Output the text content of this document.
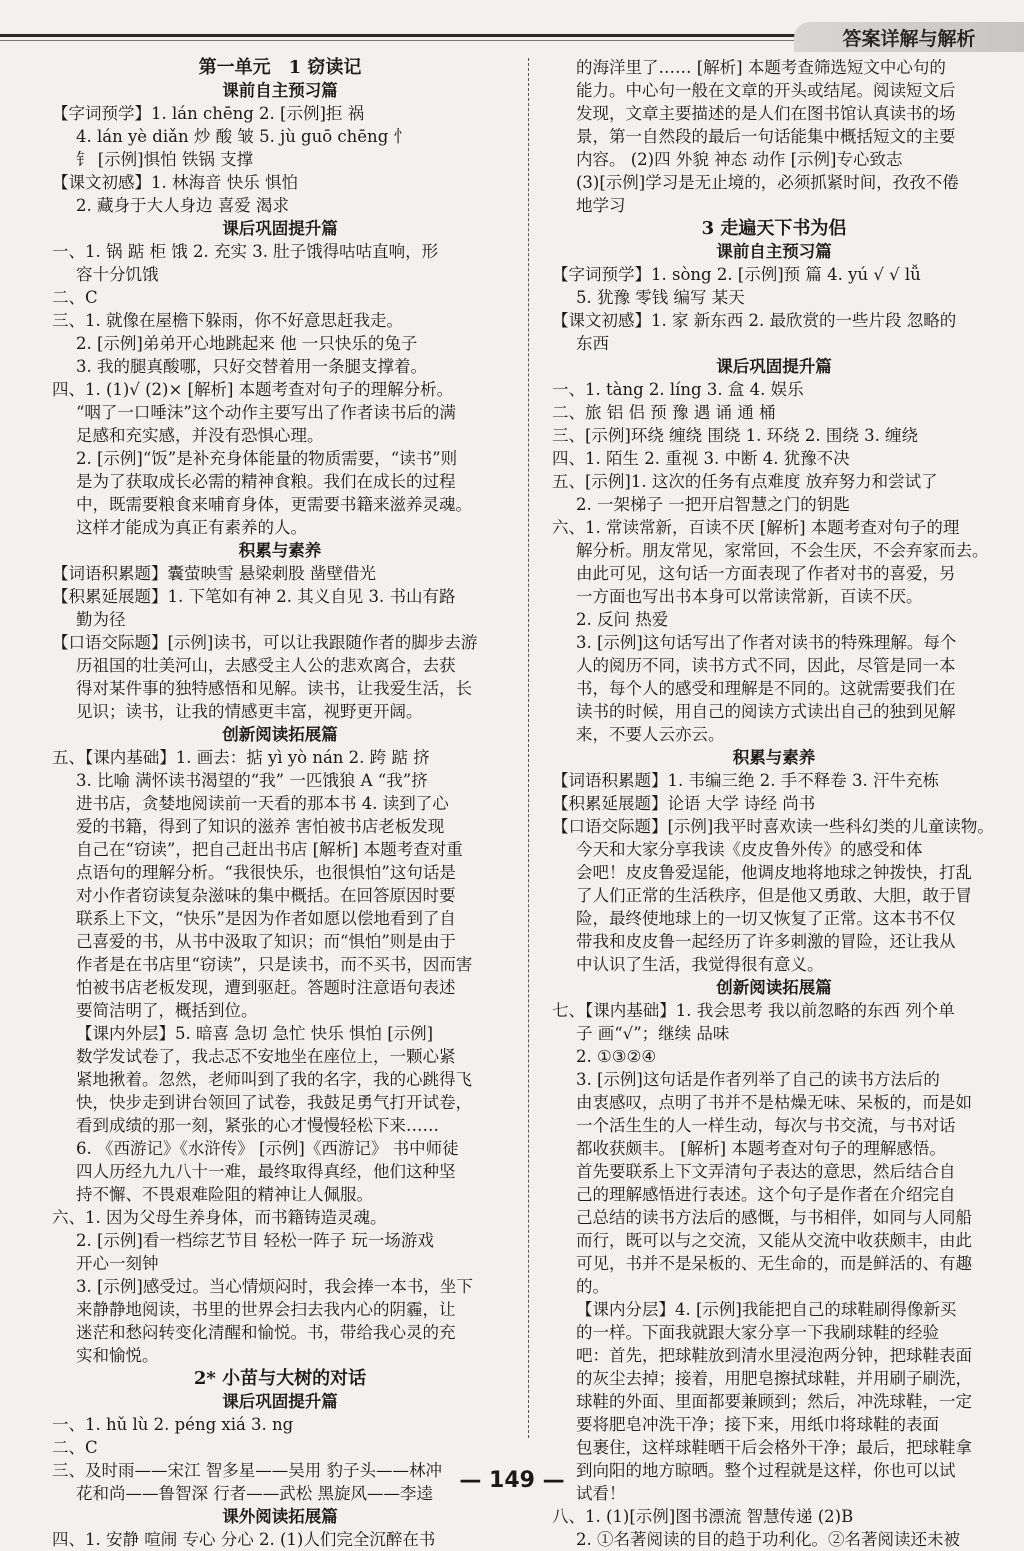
答案详解与解析
第一单元　1 窃读记
课前自主预习篇
【字词预学】1. lán chēng 2. [示例]拒 祸
4. lán yè diǎn 炒 酸 皱 5. jù guō chēng 忄
钅 [示例]惧怕 铁锅 支撑
【课文初感】1. 林海音 快乐 惧怕
2. 藏身于大人身边 喜爱 渴求
课后巩固提升篇
一、1. 锅 踮 柜 饿 2. 充实 3. 肚子饿得咕咕直响，形
容十分饥饿
二、C
三、1. 就像在屋檐下躲雨，你不好意思赶我走。
2. [示例]弟弟开心地跳起来 他 一只快乐的兔子
3. 我的腿真酸哪，只好交替着用一条腿支撑着。
四、1. (1)√ (2)× [解析] 本题考查对句子的理解分析。
“咽了一口唾沫”这个动作主要写出了作者读书后的满
足感和充实感，并没有恐惧心理。
2. [示例]“饭”是补充身体能量的物质需要，“读书”则
是为了获取成长必需的精神食粮。我们在成长的过程
中，既需要粮食来哺育身体，更需要书籍来滋养灵魂。
这样才能成为真正有素养的人。
积累与素养
【词语积累题】囊萤映雪 悬梁刺股 凿壁借光
【积累延展题】1. 下笔如有神 2. 其义自见 3. 书山有路
勤为径
【口语交际题】[示例]读书，可以让我跟随作者的脚步去游
历祖国的壮美河山，去感受主人公的悲欢离合，去获
得对某件事的独特感悟和见解。读书，让我爱生活，长
见识；读书，让我的情感更丰富，视野更开阔。
创新阅读拓展篇
五、【课内基础】1. 画去：掂 yì yò nán 2. 跨 踮 挤
3. 比喻 满怀读书渴望的“我” 一匹饿狼 A “我”挤
进书店，贪婪地阅读前一天看的那本书 4. 读到了心
爱的书籍，得到了知识的滋养 害怕被书店老板发现
自己在“窃读”，把自己赶出书店 [解析] 本题考查对重
点语句的理解分析。“我很快乐，也很惧怕”这句话是
对小作者窃读复杂滋味的集中概括。在回答原因时要
联系上下文，“快乐”是因为作者如愿以偿地看到了自
己喜爱的书，从书中汲取了知识；而“惧怕”则是由于
作者是在书店里“窃读”，只是读书，而不买书，因而害
怕被书店老板发现，遭到驱赶。答题时注意语句表述
要简洁明了，概括到位。
【课内外层】5. 暗喜 急切 急忙 快乐 惧怕 [示例]
数学发试卷了，我忐忑不安地坐在座位上，一颗心紧
紧地揪着。忽然，老师叫到了我的名字，我的心跳得飞
快，快步走到讲台领回了试卷，我鼓足勇气打开试卷，
看到成绩的那一刻，紧张的心才慢慢轻松下来……
6. 《西游记》《水浒传》 [示例]《西游记》 书中师徒
四人历经九九八十一难，最终取得真经，他们这种坚
持不懈、不畏艰难险阻的精神让人佩服。
六、1. 因为父母生养身体，而书籍铸造灵魂。
2. [示例]看一档综艺节目 轻松一阵子 玩一场游戏
开心一刻钟
3. [示例]感受过。当心情烦闷时，我会捧一本书，坐下
来静静地阅读，书里的世界会扫去我内心的阴霾，让
迷茫和愁闷转变化清醒和愉悦。书，带给我心灵的充
实和愉悦。
2* 小苗与大树的对话
课后巩固提升篇
一、1. hǔ lù 2. péng xiá 3. ng
二、C
三、及时雨——宋江 智多星——吴用 豹子头——林冲
花和尚——鲁智深 行者——武松 黑旋风——李逵
课外阅读拓展篇
四、1. 安静 喧闹 专心 分心 2. (1)人们完全沉醉在书
的海洋里了…… [解析] 本题考查筛选短文中心句的
能力。中心句一般在文章的开头或结尾。阅读短文后
发现，文章主要描述的是人们在图书馆认真读书的场
景，第一自然段的最后一句话能集中概括短文的主要
内容。 (2)四 外貌 神态 动作 [示例]专心致志
(3)[示例]学习是无止境的，必须抓紧时间，孜孜不倦
地学习
3 走遍天下书为侣
课前自主预习篇
【字词预学】1. sòng 2. [示例]预 篇 4. yú √ √ lǚ
5. 犹豫 零钱 编写 某天
【课文初感】1. 家 新东西 2. 最欣赏的一些片段 忽略的
东西
课后巩固提升篇
一、1. tàng 2. líng 3. 盒 4. 娱乐
二、旅 铝 侣 预 豫 遇 诵 通 桶
三、[示例]环绕 缠绕 围绕 1. 环绕 2. 围绕 3. 缠绕
四、1. 陌生 2. 重视 3. 中断 4. 犹豫不决
五、[示例]1. 这次的任务有点难度 放弃努力和尝试了
2. 一架梯子 一把开启智慧之门的钥匙
六、1. 常读常新，百读不厌 [解析] 本题考查对句子的理
解分析。朋友常见，家常回，不会生厌，不会弃家而去。
由此可见，这句话一方面表现了作者对书的喜爱，另
一方面也写出书本身可以常读常新，百读不厌。
2. 反问 热爱
3. [示例]这句话写出了作者对读书的特殊理解。每个
人的阅历不同，读书方式不同，因此，尽管是同一本
书，每个人的感受和理解是不同的。这就需要我们在
读书的时候，用自己的阅读方式读出自己的独到见解
来，不要人云亦云。
积累与素养
【词语积累题】1. 韦编三绝 2. 手不释卷 3. 汗牛充栋
【积累延展题】论语 大学 诗经 尚书
【口语交际题】[示例]我平时喜欢读一些科幻类的儿童读物。
今天和大家分享我读《皮皮鲁外传》的感受和体
会吧！皮皮鲁爱逞能，他调皮地将地球之钟拨快，打乱
了人们正常的生活秩序，但是他又勇敢、大胆，敢于冒
险，最终使地球上的一切又恢复了正常。这本书不仅
带我和皮皮鲁一起经历了许多刺激的冒险，还让我从
中认识了生活，我觉得很有意义。
创新阅读拓展篇
七、【课内基础】1. 我会思考 我以前忽略的东西 列个单
子 画“√”；继续 品味
2. ①③②④
3. [示例]这句话是作者列举了自己的读书方法后的
由衷感叹，点明了书并不是枯燥无味、呆板的，而是如
一个活生生的人一样生动，每次与书交流，与书对话
都收获颇丰。 [解析] 本题考查对句子的理解感悟。
首先要联系上下文弄清句子表达的意思，然后结合自
己的理解感悟进行表述。这个句子是作者在介绍完自
己总结的读书方法后的感慨，与书相伴，如同与人同船
而行，既可以与之交流，又能从交流中收获颇丰，由此
可见，书并不是呆板的、无生命的，而是鲜活的、有趣
的。
【课内分层】4. [示例]我能把自己的球鞋刷得像新买
的一样。下面我就跟大家分享一下我刷球鞋的经验
吧：首先，把球鞋放到清水里浸泡两分钟，把球鞋表面
的灰尘去掉；接着，用肥皂擦拭球鞋，并用刷子刷洗，
球鞋的外面、里面都要兼顾到；然后，冲洗球鞋，一定
要将肥皂冲洗干净；接下来，用纸巾将球鞋的表面
包裹住，这样球鞋晒干后会格外干净；最后，把球鞋拿
到向阳的地方晾晒。整个过程就是这样，你也可以试
试看！
八、1. (1)[示例]图书漂流 智慧传递 (2)B
2. ①名著阅读的目的趋于功利化。②名著阅读还未被
— 149 —
